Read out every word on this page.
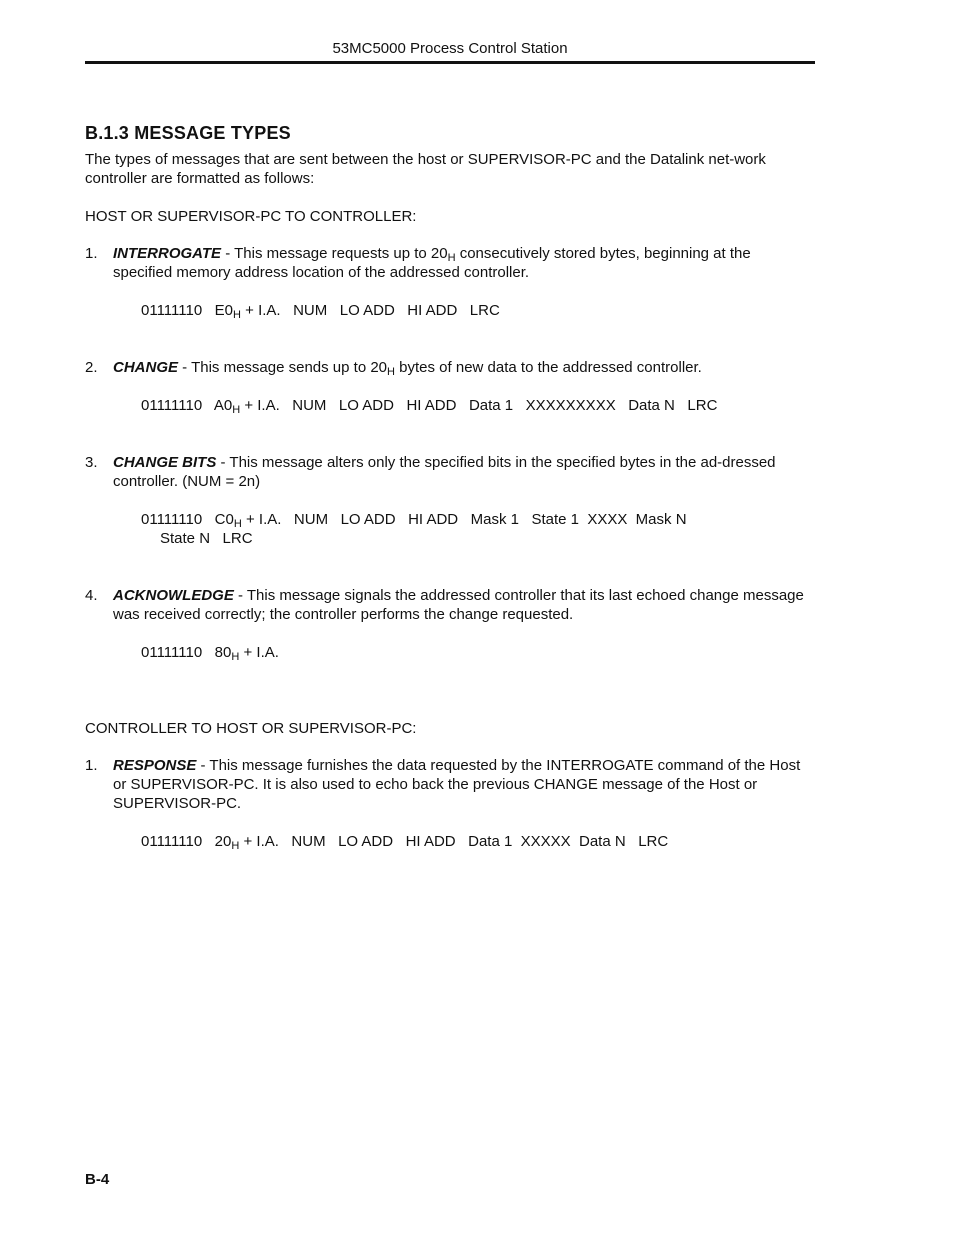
53MC5000 Process Control Station
B.1.3 MESSAGE TYPES
The types of messages that are sent between the host or SUPERVISOR-PC and the Datalink net-work controller are formatted as follows:
HOST OR SUPERVISOR-PC TO CONTROLLER:
1. INTERROGATE - This message requests up to $20_H$ consecutively stored bytes, beginning at the specified memory address location of the addressed controller.
01111110   $E0_H + I.A$.   NUM   LO ADD   HI ADD   LRC
2. CHANGE - This message sends up to $20_H$ bytes of new data to the addressed controller.
01111110   $A0_H + I.A$.   NUM   LO ADD   HI ADD   Data 1   XXXXXXXXX   Data N   LRC
3. CHANGE BITS - This message alters only the specified bits in the specified bytes in the ad-dressed controller. (NUM = 2n)
01111110   $C0_H + I.A$.   NUM   LO ADD   HI ADD   Mask 1   State 1  XXXX  Mask N
State N   LRC
4. ACKNOWLEDGE - This message signals the addressed controller that its last echoed change message was received correctly; the controller performs the change requested.
01111110   $80_H + I.A$.
CONTROLLER TO HOST OR SUPERVISOR-PC:
1. RESPONSE - This message furnishes the data requested by the INTERROGATE command of the Host or SUPERVISOR-PC. It is also used to echo back the previous CHANGE message of the Host or SUPERVISOR-PC.
01111110   $20_H + I.A$.   NUM   LO ADD   HI ADD   Data 1  XXXXX  Data N   LRC
B-4
